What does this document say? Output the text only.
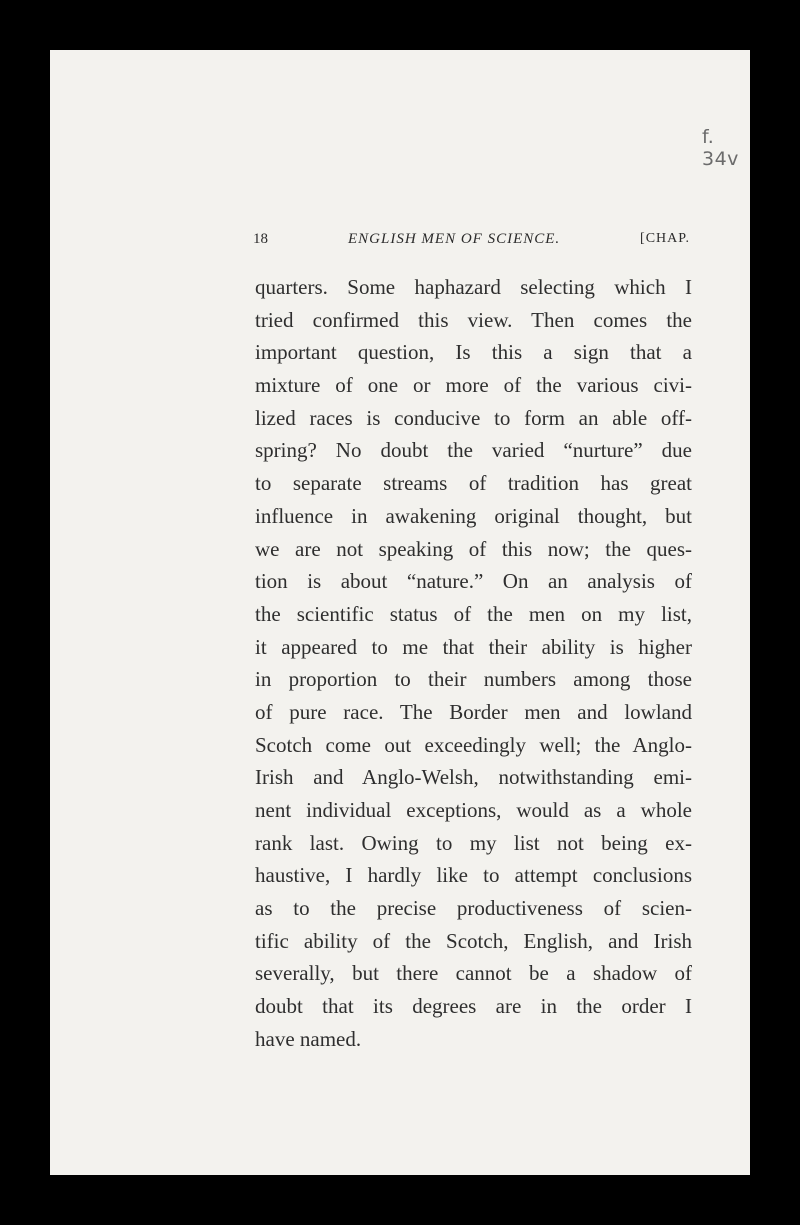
f. 34v
18	ENGLISH MEN OF SCIENCE.	[CHAP.
quarters. Some haphazard selecting which I
tried confirmed this view. Then comes the
important question, Is this a sign that a
mixture of one or more of the various civi-
lized races is conducive to form an able off-
spring? No doubt the varied “nurture” due
to separate streams of tradition has great
influence in awakening original thought, but
we are not speaking of this now; the ques-
tion is about “nature.” On an analysis of
the scientific status of the men on my list,
it appeared to me that their ability is higher
in proportion to their numbers among those
of pure race. The Border men and lowland
Scotch come out exceedingly well; the Anglo-
Irish and Anglo-Welsh, notwithstanding emi-
nent individual exceptions, would as a whole
rank last. Owing to my list not being ex-
haustive, I hardly like to attempt conclusions
as to the precise productiveness of scien-
tific ability of the Scotch, English, and Irish
severally, but there cannot be a shadow of
doubt that its degrees are in the order I
have named.
